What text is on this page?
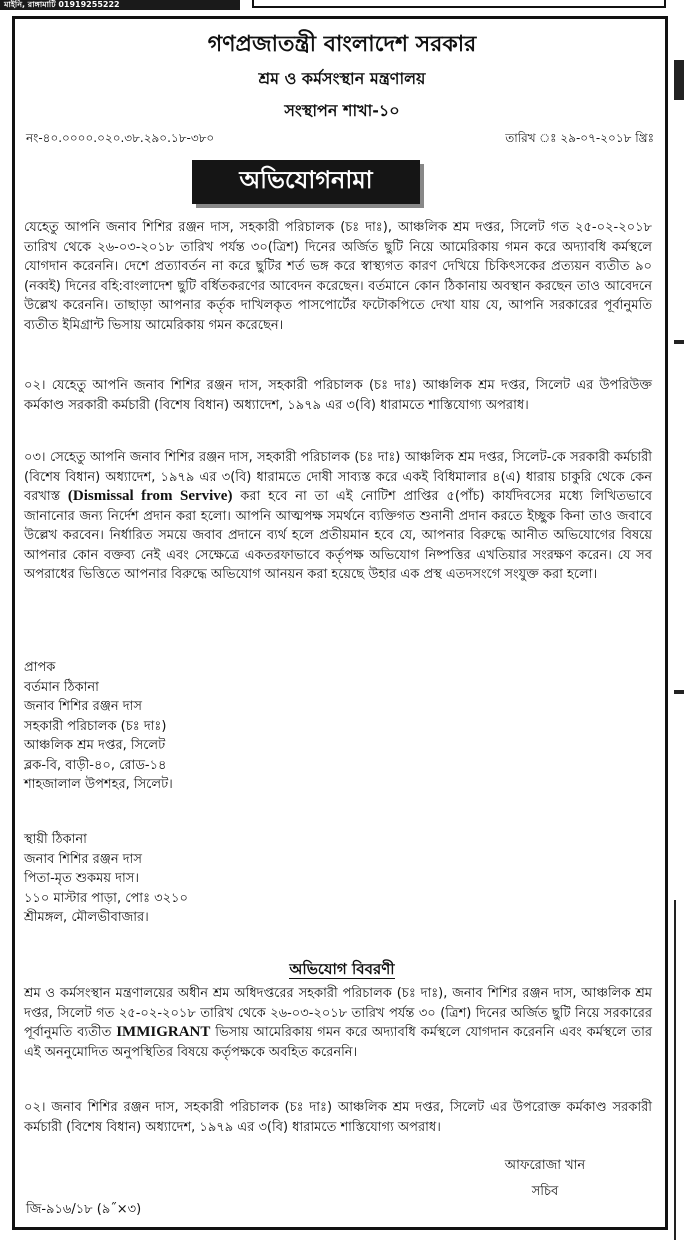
মাইনি, রাঙ্গামাটি 01919255222
গণপ্রজাতন্ত্রী বাংলাদেশ সরকার
শ্রম ও কর্মসংস্থান মন্ত্রণালয়
সংস্থাপন শাখা-১০
নং-৪০.০০০০.০২০.৩৮.২৯০.১৮-৩৮০	তারিখ ঃ ২৯-০৭-২০১৮ খ্রিঃ
অভিযোগনামা

যেহেতু আপনি জনাব শিশির রঞ্জন দাস, সহকারী পরিচালক (চঃ দাঃ), আঞ্চলিক শ্রম দপ্তর, সিলেট গত ২৫-০২-২০১৮ তারিখ থেকে ২৬-০৩-২০১৮ তারিখ পর্যন্ত ৩০(ত্রিশ) দিনের অর্জিত ছুটি নিয়ে আমেরিকায় গমন করে অদ্যাবধি কর্মস্থলে যোগদান করেননি। দেশে প্রত্যাবর্তন না করে ছুটির শর্ত ভঙ্গ করে স্বাস্থ্যগত কারণ দেখিয়ে চিকিৎসকের প্রত্যয়ন ব্যতীত ৯০ (নব্বই) দিনের বহি:বাংলাদেশ ছুটি বর্ধিতকরণের আবেদন করেছেন। বর্তমানে কোন ঠিকানায় অবস্থান করছেন তাও আবেদনে উল্লেখ করেননি। তাছাড়া আপনার কর্তৃক দাখিলকৃত পাসপোর্টের ফটোকপিতে দেখা যায় যে, আপনি সরকারের পূর্বানুমতি ব্যতীত ইমিগ্রান্ট ভিসায় আমেরিকায় গমন করেছেন।

০২। যেহেতু আপনি জনাব শিশির রঞ্জন দাস, সহকারী পরিচালক (চঃ দাঃ) আঞ্চলিক শ্রম দপ্তর, সিলেট এর উপরিউক্ত কর্মকাণ্ড সরকারী কর্মচারী (বিশেষ বিধান) অধ্যাদেশ, ১৯৭৯ এর ৩(বি) ধারামতে শাস্তিযোগ্য অপরাধ।

০৩। সেহেতু আপনি জনাব শিশির রঞ্জন দাস, সহকারী পরিচালক (চঃ দাঃ) আঞ্চলিক শ্রম দপ্তর, সিলেট-কে সরকারী কর্মচারী (বিশেষ বিধান) অধ্যাদেশ, ১৯৭৯ এর ৩(বি) ধারামতে দোষী সাব্যস্ত করে একই বিধিমালার ৪(এ) ধারায় চাকুরি থেকে কেন বরখাস্ত (Dismissal from Servive) করা হবে না তা এই নোটিশ প্রাপ্তির ৫(পাঁচ) কার্যদিবসের মধ্যে লিখিতভাবে জানানোর জন্য নির্দেশ প্রদান করা হলো। আপনি আত্মপক্ষ সমর্থনে ব্যক্তিগত শুনানী প্রদান করতে ইচ্ছুক কিনা তাও জবাবে উল্লেখ করবেন। নির্ধারিত সময়ে জবাব প্রদানে ব্যর্থ হলে প্রতীয়মান হবে যে, আপনার বিরুদ্ধে আনীত অভিযোগের বিষয়ে আপনার কোন বক্তব্য নেই এবং সেক্ষেত্রে একতরফাভাবে কর্তৃপক্ষ অভিযোগ নিষ্পত্তির এখতিয়ার সংরক্ষণ করেন। যে সব অপরাধের ভিত্তিতে আপনার বিরুদ্ধে অভিযোগ আনয়ন করা হয়েছে উহার এক প্রস্থ এতদসংগে সংযুক্ত করা হলো।

প্রাপক
বর্তমান ঠিকানা
জনাব শিশির রঞ্জন দাস
সহকারী পরিচালক (চঃ দাঃ)
আঞ্চলিক শ্রম দপ্তর, সিলেট
ব্লক-বি, বাড়ী-৪০, রোড-১৪
শাহজালাল উপশহর, সিলেট।
স্থায়ী ঠিকানা
জনাব শিশির রঞ্জন দাস
পিতা-মৃত শুকময় দাস।
১১০ মাস্টার পাড়া, পোঃ ৩২১০
শ্রীমঙ্গল, মৌলভীবাজার।
অভিযোগ বিবরণী

শ্রম ও কর্মসংস্থান মন্ত্রণালয়ের অধীন শ্রম অধিদপ্তরের সহকারী পরিচালক (চঃ দাঃ), জনাব শিশির রঞ্জন দাস, আঞ্চলিক শ্রম দপ্তর, সিলেট গত ২৫-০২-২০১৮ তারিখ থেকে ২৬-০৩-২০১৮ তারিখ পর্যন্ত ৩০ (ত্রিশ) দিনের অর্জিত ছুটি নিয়ে সরকারের পূর্বানুমতি ব্যতীত IMMIGRANT ভিসায় আমেরিকায় গমন করে অদ্যাবধি কর্মস্থলে যোগদান করেননি এবং কর্মস্থলে তার এই অননুমোদিত অনুপস্থিতির বিষয়ে কর্তৃপক্ষকে অবহিত করেননি।

০২। জনাব শিশির রঞ্জন দাস, সহকারী পরিচালক (চঃ দাঃ) আঞ্চলিক শ্রম দপ্তর, সিলেট এর উপরোক্ত কর্মকাণ্ড সরকারী কর্মচারী (বিশেষ বিধান) অধ্যাদেশ, ১৯৭৯ এর ৩(বি) ধারামতে শাস্তিযোগ্য অপরাধ।

আফরোজা খান
সচিব
জি-৯১৬/১৮ (৯˝×৩)
